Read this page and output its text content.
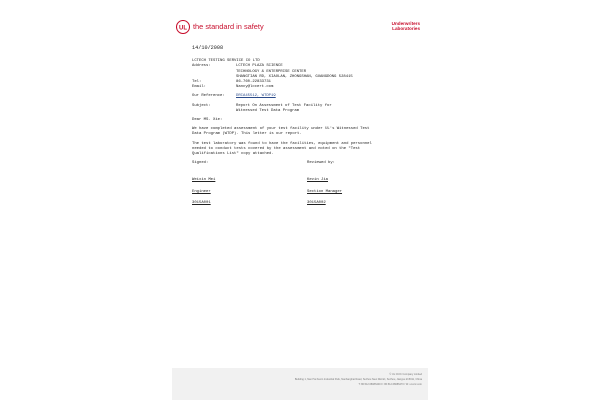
UL the standard in safety	Underwriters
Laboratories
14/10/2008
LCTECH TESTING SERVICE CO LTD
Address:	LCTECH PLAZA SCIENCE
TECHNOLOGY & ENTERPRISE CENTER
SHANGTIAN RD, XIAOLAN, ZHONGSHAN, GUANGDONG 528415
Tel:	86-760-22833731
Email:	Nancy@lccert.com
Our Reference:	DRCA45512, WTDP19
Subject:	Report On Assessment of Test Facility for
Witnessed Test Data Program
Dear MS. Xie:
We have completed assessment of your test facility under UL's Witnessed Test
Data Program (WTDP). This letter is our report.
The test laboratory was found to have the facilities, equipment and personnel
needed to conduct tests covered by the assessment and noted on the "Test
Qualifications List" copy attached.
Signed:	Reviewed by:
Weixin Mei	Kevin Jia
Engineer	Section Manager
3015A001	3015A002
© UL CCIC Company Limited
Building 1, Nan Hai Kexin Industrial Park, Nanhanghai Road, Suzhou New District, Suzhou, Jiangsu 215011, China
T: 86.512.68086400 F: 86.512.68086470 / W: ul-ccic.com
